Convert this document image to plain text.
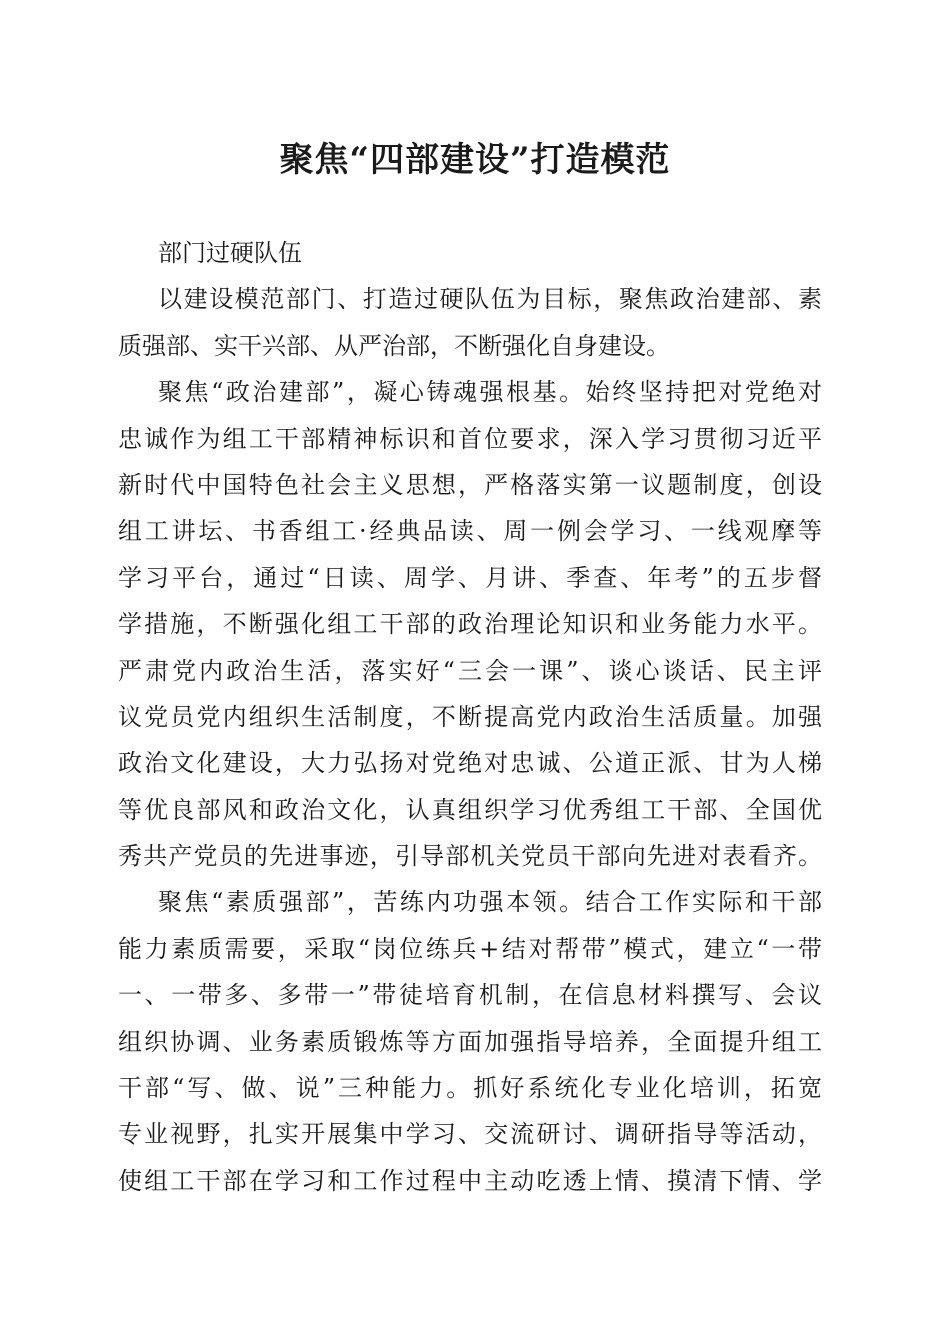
聚焦“四部建设”打造模范
部门过硬队伍
以建设模范部门、打造过硬队伍为目标，聚焦政治建部、素
质强部、实干兴部、从严治部，不断强化自身建设。
聚焦“政治建部”，凝心铸魂强根基。始终坚持把对党绝对
忠诚作为组工干部精神标识和首位要求，深入学习贯彻习近平
新时代中国特色社会主义思想，严格落实第一议题制度，创设
组工讲坛、书香组工·经典品读、周一例会学习、一线观摩等
学习平台，通过“日读、周学、月讲、季查、年考”的五步督
学措施，不断强化组工干部的政治理论知识和业务能力水平。
严肃党内政治生活，落实好“三会一课”、谈心谈话、民主评
议党员党内组织生活制度，不断提高党内政治生活质量。加强
政治文化建设，大力弘扬对党绝对忠诚、公道正派、甘为人梯
等优良部风和政治文化，认真组织学习优秀组工干部、全国优
秀共产党员的先进事迹，引导部机关党员干部向先进对表看齐。
聚焦“素质强部”，苦练内功强本领。结合工作实际和干部
能力素质需要，采取“岗位练兵+结对帮带”模式，建立“一带
一、一带多、多带一”带徒培育机制，在信息材料撰写、会议
组织协调、业务素质锻炼等方面加强指导培养，全面提升组工
干部“写、做、说”三种能力。抓好系统化专业化培训，拓宽
专业视野，扎实开展集中学习、交流研讨、调研指导等活动，
使组工干部在学习和工作过程中主动吃透上情、摸清下情、学
